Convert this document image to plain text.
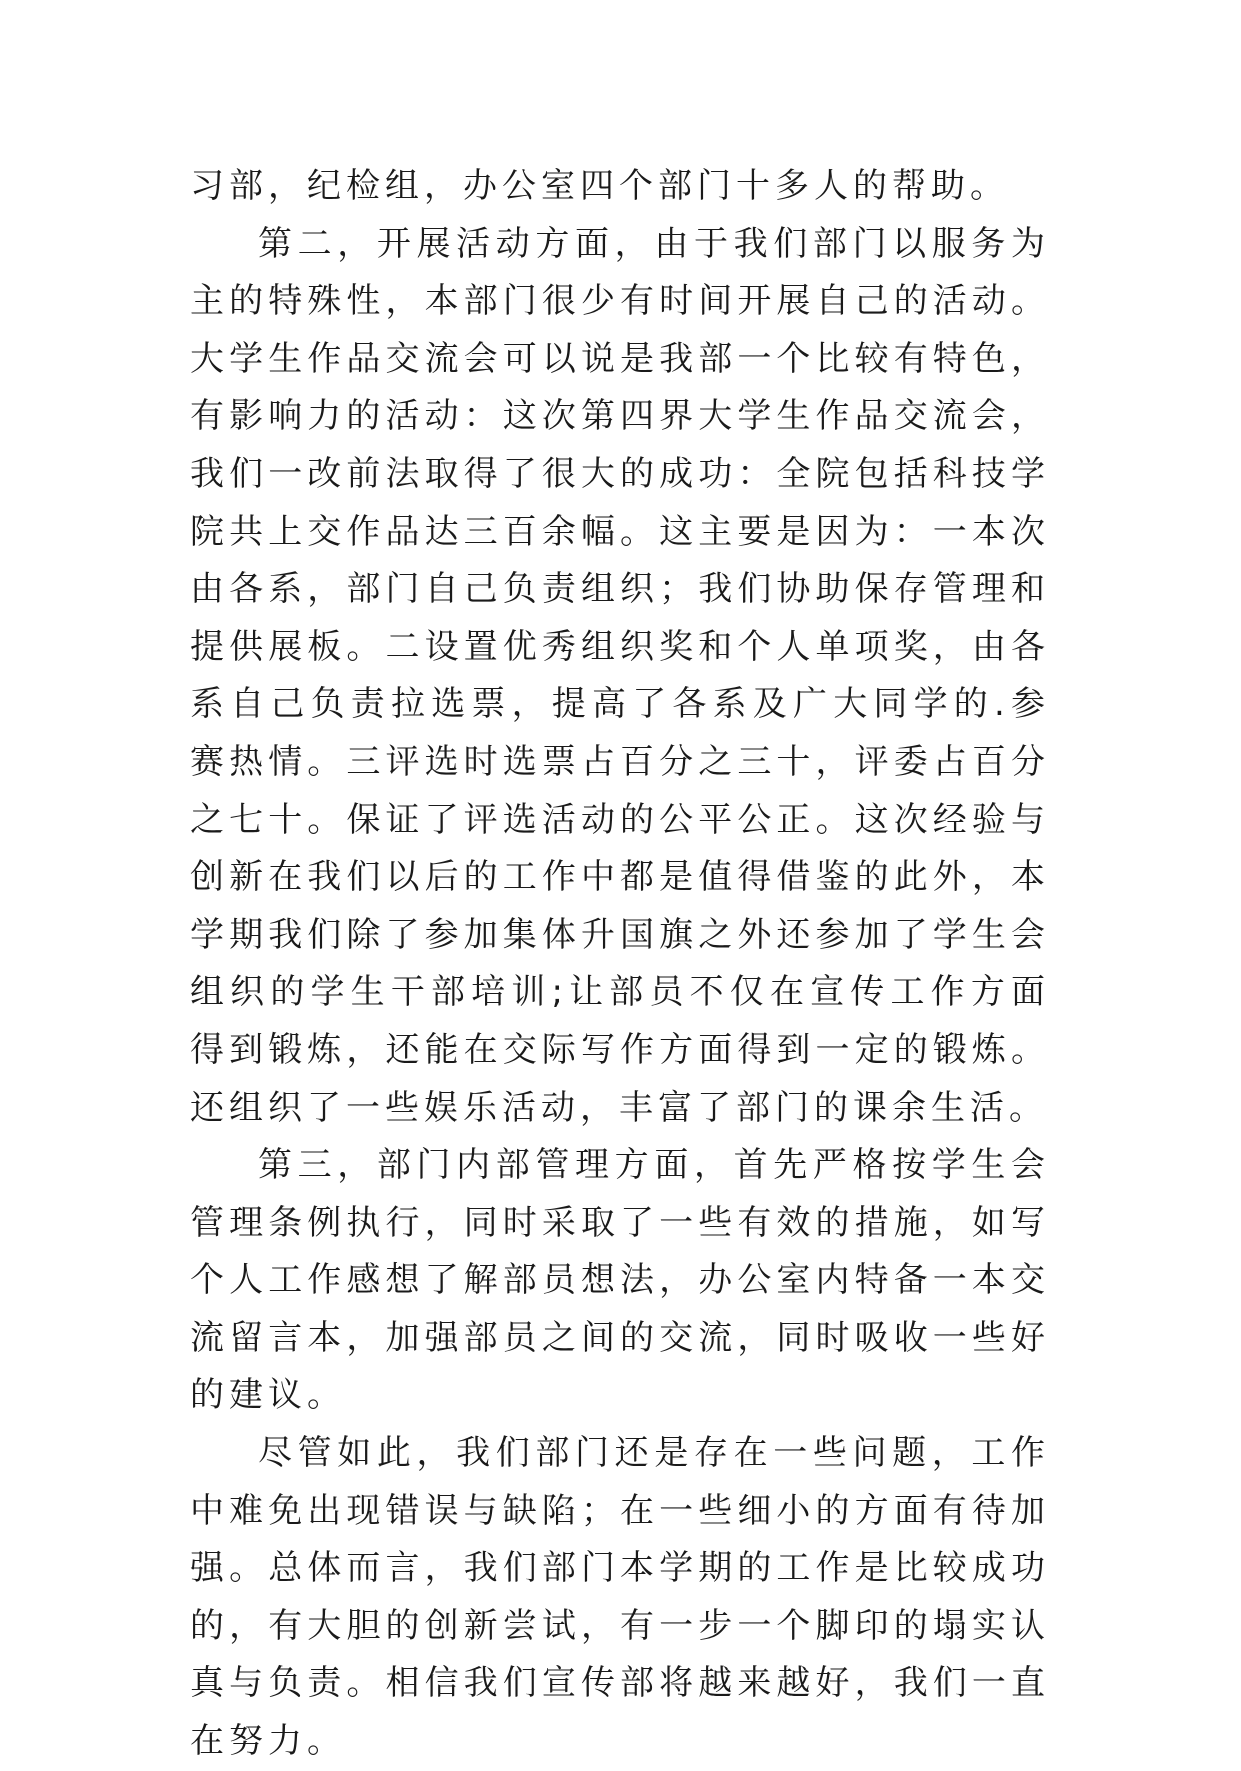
习部，纪检组，办公室四个部门十多人的帮助。

第二，开展活动方面，由于我们部门以服务为主的特殊性，本部门很少有时间开展自己的活动。大学生作品交流会可以说是我部一个比较有特色，有影响力的活动：这次第四界大学生作品交流会，我们一改前法取得了很大的成功：全院包括科技学院共上交作品达三百余幅。这主要是因为：一本次由各系，部门自己负责组织；我们协助保存管理和提供展板。二设置优秀组织奖和个人单项奖，由各系自己负责拉选票，提高了各系及广大同学的.参赛热情。三评选时选票占百分之三十，评委占百分之七十。保证了评选活动的公平公正。这次经验与创新在我们以后的工作中都是值得借鉴的此外，本学期我们除了参加集体升国旗之外还参加了学生会组织的学生干部培训;让部员不仅在宣传工作方面得到锻炼，还能在交际写作方面得到一定的锻炼。还组织了一些娱乐活动，丰富了部门的课余生活。

第三，部门内部管理方面，首先严格按学生会管理条例执行，同时采取了一些有效的措施，如写个人工作感想了解部员想法，办公室内特备一本交流留言本，加强部员之间的交流，同时吸收一些好的建议。

尽管如此，我们部门还是存在一些问题，工作中难免出现错误与缺陷；在一些细小的方面有待加强。总体而言，我们部门本学期的工作是比较成功的，有大胆的创新尝试，有一步一个脚印的塌实认真与负责。相信我们宣传部将越来越好，我们一直在努力。
